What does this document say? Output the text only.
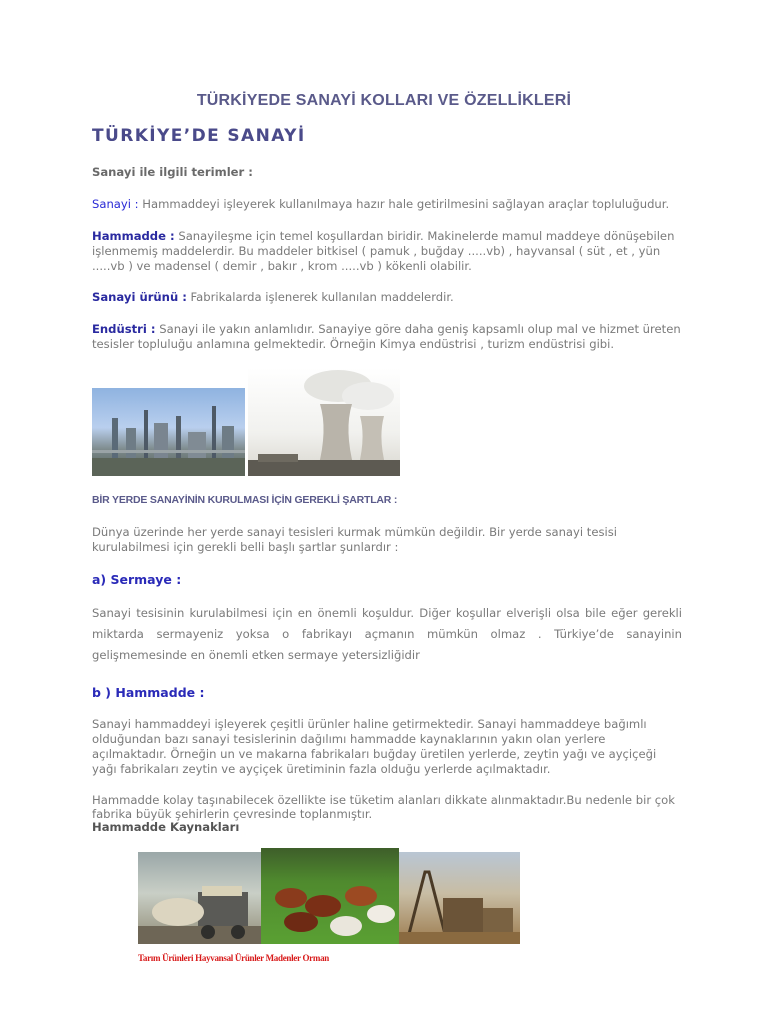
TÜRKİYEDE SANAYİ KOLLARI VE ÖZELLİKLERİ
TÜRKİYE’DE SANAYİ
Sanayi ile ilgili terimler :
Sanayi : Hammaddeyi işleyerek kullanılmaya hazır hale getirilmesini sağlayan araçlar topluluğudur.
Hammadde : Sanayileşme için temel koşullardan biridir. Makinelerde mamul maddeye dönüşebilen işlenmemiş maddelerdir. Bu maddeler bitkisel ( pamuk , buğday .....vb) , hayvansal ( süt , et , yün .....vb ) ve madensel ( demir , bakır , krom .....vb ) kökenli olabilir.
Sanayi ürünü : Fabrikalarda işlenerek kullanılan maddelerdir.
Endüstri : Sanayi ile yakın anlamlıdır. Sanayiye göre daha geniş kapsamlı olup mal ve hizmet üreten tesisler topluluğu anlamına gelmektedir. Örneğin Kimya endüstrisi , turizm endüstrisi gibi.
BİR YERDE SANAYİNİN KURULMASI İÇİN GEREKLİ ŞARTLAR :
Dünya üzerinde her yerde sanayi tesisleri kurmak mümkün değildir. Bir yerde sanayi tesisi kurulabilmesi için gerekli belli başlı şartlar şunlardır :
a) Sermaye :
Sanayi tesisinin kurulabilmesi için en önemli koşuldur. Diğer koşullar elverişli olsa bile eğer gerekli miktarda sermayeniz yoksa o fabrikayı açmanın mümkün olmaz . Türkiye’de sanayinin gelişmemesinde en önemli etken sermaye yetersizliğidir
b ) Hammadde :
Sanayi hammaddeyi işleyerek çeşitli ürünler haline getirmektedir. Sanayi hammaddeye bağımlı olduğundan bazı sanayi tesislerinin dağılımı hammadde kaynaklarının yakın olan yerlere açılmaktadır. Örneğin un ve makarna fabrikaları buğday üretilen yerlerde, zeytin yağı ve ayçiçeği yağı fabrikaları zeytin ve ayçiçek üretiminin fazla olduğu yerlerde açılmaktadır.
Hammadde kolay taşınabilecek özellikte ise tüketim alanları dikkate alınmaktadır.Bu nedenle bir çok fabrika büyük şehirlerin çevresinde toplanmıştır.
Hammadde Kaynakları
Tarım Ürünleri Hayvansal Ürünler Madenler Orman
